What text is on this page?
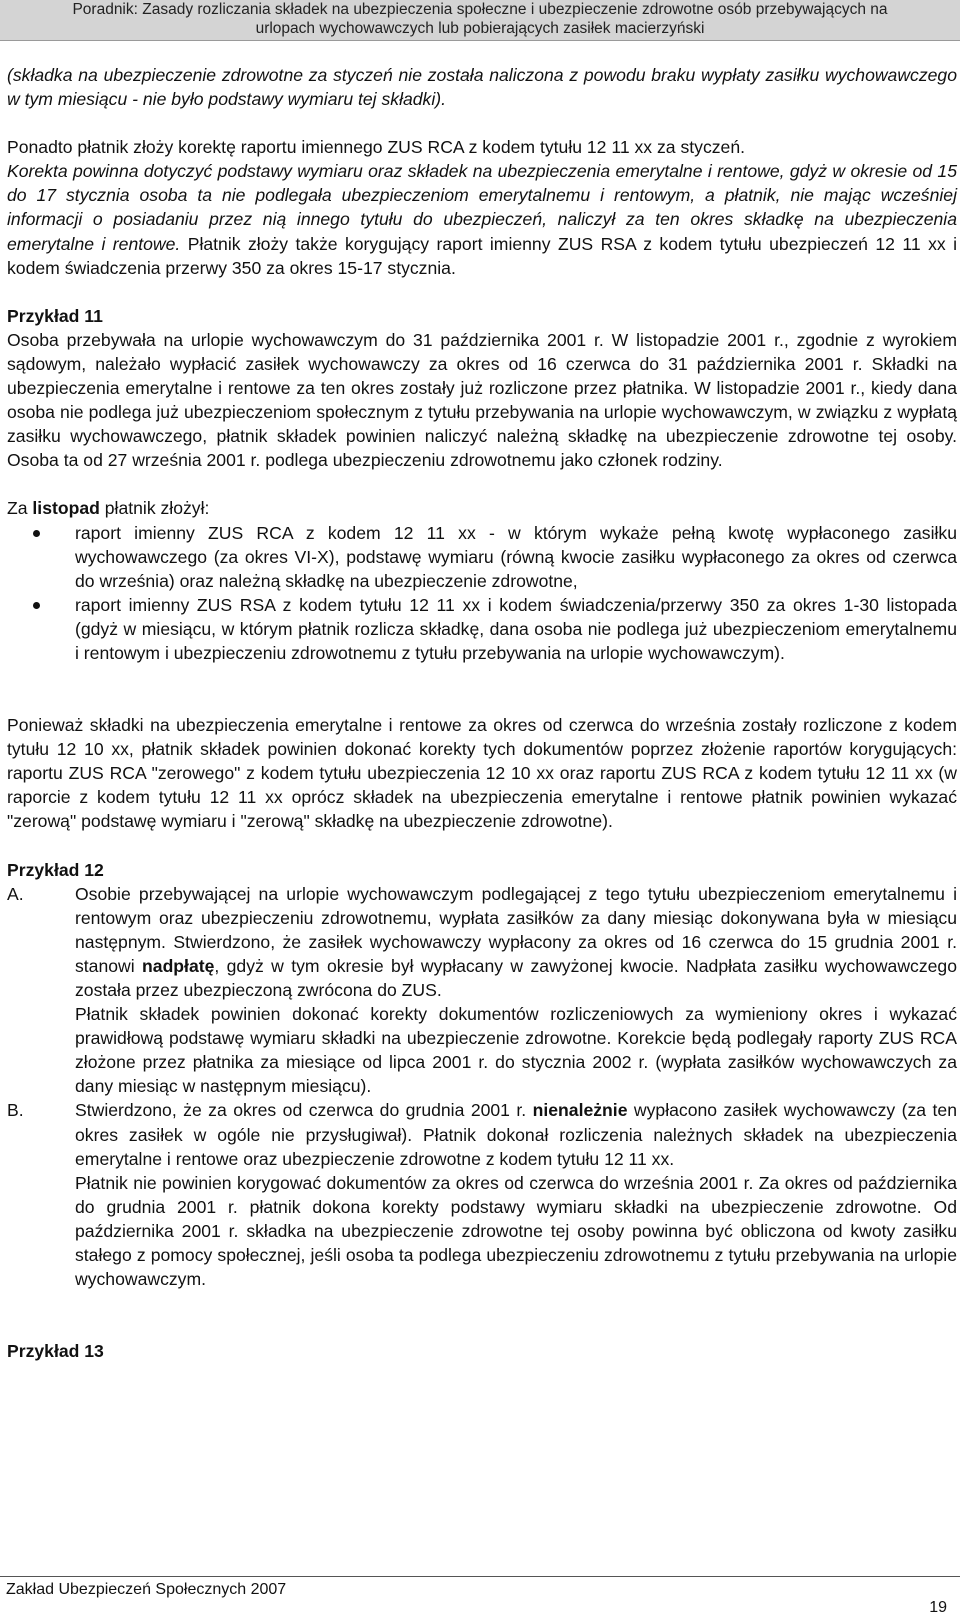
Poradnik: Zasady rozliczania składek na ubezpieczenia społeczne i ubezpieczenie zdrowotne osób przebywających na
urlopach wychowawczych lub pobierających zasiłek macierzyński

(składka na ubezpieczenie zdrowotne za styczeń nie została naliczona z powodu braku wypłaty zasiłku wychowawczego w tym miesiącu - nie było podstawy wymiaru tej składki).

Ponadto płatnik złoży korektę raportu imiennego ZUS RCA z kodem tytułu 12 11 xx za styczeń.
Korekta powinna dotyczyć podstawy wymiaru oraz składek na ubezpieczenia emerytalne i rentowe, gdyż w okresie od 15 do 17 stycznia osoba ta nie podlegała ubezpieczeniom emerytalnemu i rentowym, a płatnik, nie mając wcześniej informacji o posiadaniu przez nią innego tytułu do ubezpieczeń, naliczył za ten okres składkę na ubezpieczenia emerytalne i rentowe. Płatnik złoży także korygujący raport imienny ZUS RSA z kodem tytułu ubezpieczeń 12 11 xx i kodem świadczenia przerwy 350 za okres 15-17 stycznia.

Przykład 11

Osoba przebywała na urlopie wychowawczym do 31 października 2001 r. W listopadzie 2001 r., zgodnie z wyrokiem sądowym, należało wypłacić zasiłek wychowawczy za okres od 16 czerwca do 31 października 2001 r. Składki na ubezpieczenia emerytalne i rentowe za ten okres zostały już rozliczone przez płatnika. W listopadzie 2001 r., kiedy dana osoba nie podlega już ubezpieczeniom społecznym z tytułu przebywania na urlopie wychowawczym, w związku z wypłatą zasiłku wychowawczego, płatnik składek powinien naliczyć należną składkę na ubezpieczenie zdrowotne tej osoby. Osoba ta od 27 września 2001 r. podlega ubezpieczeniu zdrowotnemu jako członek rodziny.

Za listopad płatnik złożył:

raport imienny ZUS RCA z kodem 12 11 xx - w którym wykaże pełną kwotę wypłaconego zasiłku wychowawczego (za okres VI-X), podstawę wymiaru (równą kwocie zasiłku wypłaconego za okres od czerwca do września) oraz należną składkę na ubezpieczenie zdrowotne,
raport imienny ZUS RSA z kodem tytułu 12 11 xx i kodem świadczenia/przerwy 350 za okres 1-30 listopada (gdyż w miesiącu, w którym płatnik rozlicza składkę, dana osoba nie podlega już ubezpieczeniom emerytalnemu i rentowym i ubezpieczeniu zdrowotnemu z tytułu przebywania na urlopie wychowawczym).

Ponieważ składki na ubezpieczenia emerytalne i rentowe za okres od czerwca do września zostały rozliczone z kodem tytułu 12 10 xx, płatnik składek powinien dokonać korekty tych dokumentów poprzez złożenie raportów korygujących: raportu ZUS RCA "zerowego" z kodem tytułu ubezpieczenia 12 10 xx oraz raportu ZUS RCA z kodem tytułu 12 11 xx (w raporcie z kodem tytułu 12 11 xx oprócz składek na ubezpieczenia emerytalne i rentowe płatnik powinien wykazać "zerową" podstawę wymiaru i "zerową" składkę na ubezpieczenie zdrowotne).

Przykład 12

A.	Osobie przebywającej na urlopie wychowawczym podlegającej z tego tytułu ubezpieczeniom emerytalnemu i rentowym oraz ubezpieczeniu zdrowotnemu, wypłata zasiłków za dany miesiąc dokonywana była w miesiącu następnym. Stwierdzono, że zasiłek wychowawczy wypłacony za okres od 16 czerwca do 15 grudnia 2001 r. stanowi nadpłatę, gdyż w tym okresie był wypłacany w zawyżonej kwocie. Nadpłata zasiłku wychowawczego została przez ubezpieczoną zwrócona do ZUS.

Płatnik składek powinien dokonać korekty dokumentów rozliczeniowych za wymieniony okres i wykazać prawidłową podstawę wymiaru składki na ubezpieczenie zdrowotne. Korekcie będą podlegały raporty ZUS RCA złożone przez płatnika za miesiące od lipca 2001 r. do stycznia 2002 r. (wypłata zasiłków wychowawczych za dany miesiąc w następnym miesiącu).

B.	Stwierdzono, że za okres od czerwca do grudnia 2001 r. nienależnie wypłacono zasiłek wychowawczy (za ten okres zasiłek w ogóle nie przysługiwał). Płatnik dokonał rozliczenia należnych składek na ubezpieczenia emerytalne i rentowe oraz ubezpieczenie zdrowotne z kodem tytułu 12 11 xx.

Płatnik nie powinien korygować dokumentów za okres od czerwca do września 2001 r. Za okres od października do grudnia 2001 r. płatnik dokona korekty podstawy wymiaru składki na ubezpieczenie zdrowotne. Od października 2001 r. składka na ubezpieczenie zdrowotne tej osoby powinna być obliczona od kwoty zasiłku stałego z pomocy społecznej, jeśli osoba ta podlega ubezpieczeniu zdrowotnemu z tytułu przebywania na urlopie wychowawczym.

Przykład 13

Zakład Ubezpieczeń Społecznych 2007
19
